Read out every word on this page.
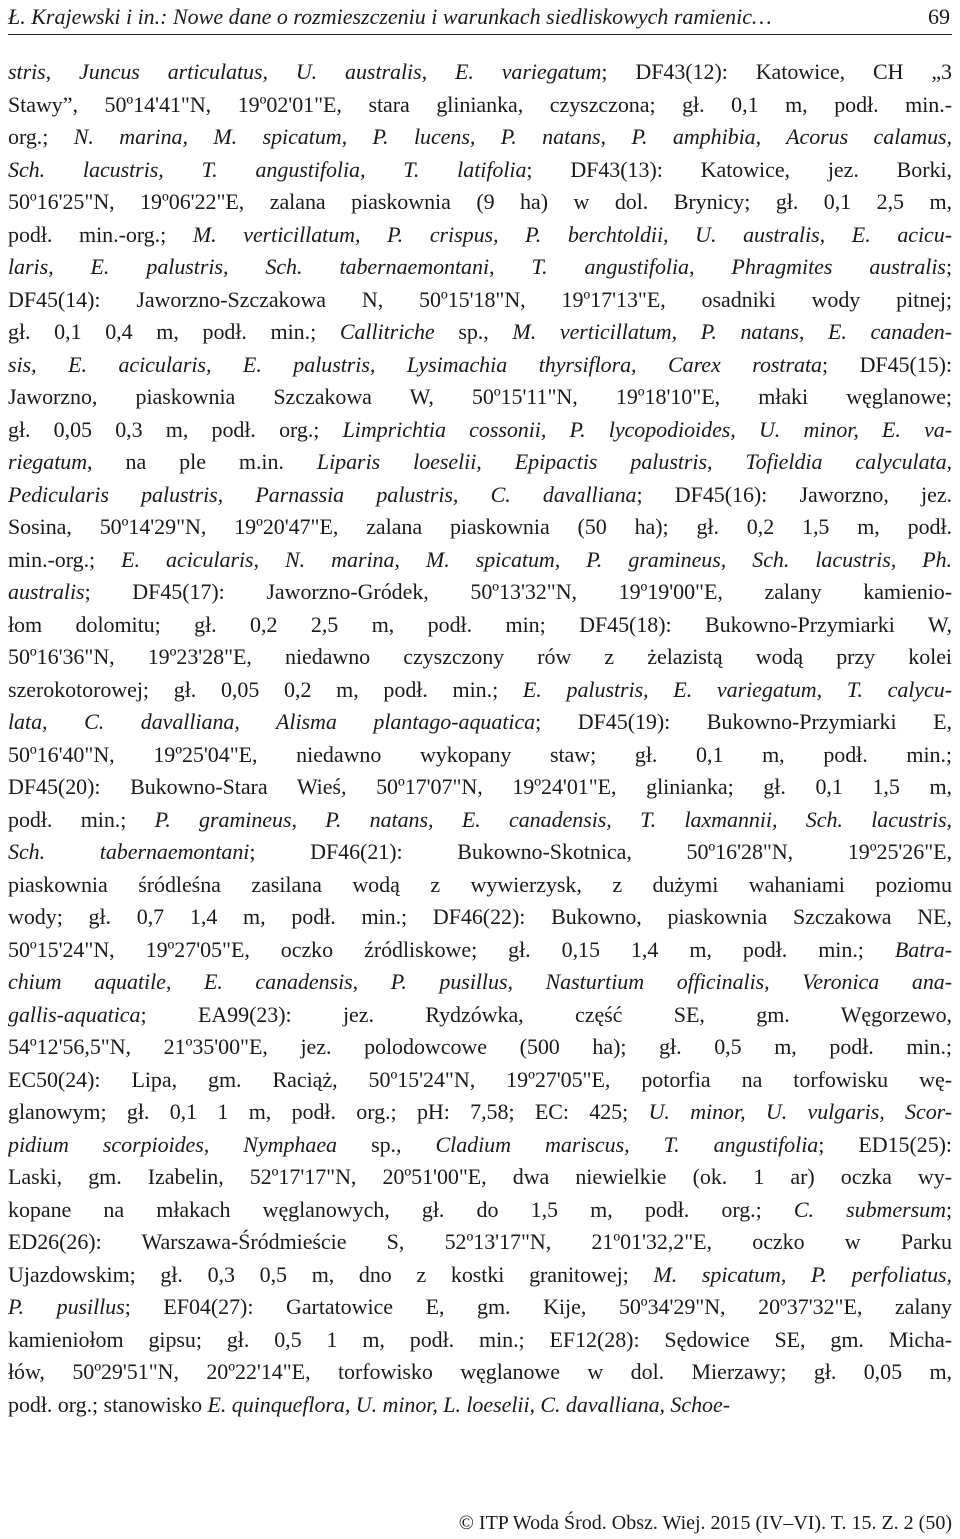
Ł. Krajewski i in.: Nowe dane o rozmieszczeniu i warunkach siedliskowych ramienic…	69
stris, Juncus articulatus, U. australis, E. variegatum; DF43(12): Katowice, CH „3
Stawy”, 50º14'41"N, 19º02'01"E, stara glinianka, czyszczona; gł. 0,1 m, podł. min.-
org.; N. marina, M. spicatum, P. lucens, P. natans, P. amphibia, Acorus calamus,
Sch. lacustris, T. angustifolia, T. latifolia; DF43(13): Katowice, jez. Borki,
50º16'25"N, 19º06'22"E, zalana piaskownia (9 ha) w dol. Brynicy; gł. 0,1 2,5 m,
podł. min.-org.; M. verticillatum, P. crispus, P. berchtoldii, U. australis, E. acicu-
laris, E. palustris, Sch. tabernaemontani, T. angustifolia, Phragmites australis;
DF45(14): Jaworzno-Szczakowa N, 50º15'18"N, 19º17'13"E, osadniki wody pitnej;
gł. 0,1 0,4 m, podł. min.; Callitriche sp., M. verticillatum, P. natans, E. canaden-
sis, E. acicularis, E. palustris, Lysimachia thyrsiflora, Carex rostrata; DF45(15):
Jaworzno, piaskownia Szczakowa W, 50º15'11"N, 19º18'10"E, młaki węglanowe;
gł. 0,05 0,3 m, podł. org.; Limprichtia cossonii, P. lycopodioides, U. minor, E. va-
riegatum, na ple m.in. Liparis loeselii, Epipactis palustris, Tofieldia calyculata,
Pedicularis palustris, Parnassia palustris, C. davalliana; DF45(16): Jaworzno, jez.
Sosina, 50º14'29"N, 19º20'47"E, zalana piaskownia (50 ha); gł. 0,2 1,5 m, podł.
min.-org.; E. acicularis, N. marina, M. spicatum, P. gramineus, Sch. lacustris, Ph.
australis; DF45(17): Jaworzno-Gródek, 50º13'32"N, 19º19'00"E, zalany kamienio-
łom dolomitu; gł. 0,2 2,5 m, podł. min; DF45(18): Bukowno-Przymiarki W,
50º16'36"N, 19º23'28"E, niedawno czyszczony rów z żelazistą wodą przy kolei
szerokotorowej; gł. 0,05 0,2 m, podł. min.; E. palustris, E. variegatum, T. calycu-
lata, C. davalliana, Alisma plantago-aquatica; DF45(19): Bukowno-Przymiarki E,
50º16'40"N, 19º25'04"E, niedawno wykopany staw; gł. 0,1 m, podł. min.;
DF45(20): Bukowno-Stara Wieś, 50º17'07"N, 19º24'01"E, glinianka; gł. 0,1 1,5 m,
podł. min.; P. gramineus, P. natans, E. canadensis, T. laxmannii, Sch. lacustris,
Sch. tabernaemontani; DF46(21): Bukowno-Skotnica, 50º16'28"N, 19º25'26"E,
piaskownia śródleśna zasilana wodą z wywierzysk, z dużymi wahaniami poziomu
wody; gł. 0,7 1,4 m, podł. min.; DF46(22): Bukowno, piaskownia Szczakowa NE,
50º15'24"N, 19º27'05"E, oczko źródliskowe; gł. 0,15 1,4 m, podł. min.; Batra-
chium aquatile, E. canadensis, P. pusillus, Nasturtium officinalis, Veronica ana-
gallis-aquatica; EA99(23): jez. Rydzówka, część SE, gm. Węgorzewo,
54º12'56,5"N, 21º35'00"E, jez. polodowcowe (500 ha); gł. 0,5 m, podł. min.;
EC50(24): Lipa, gm. Raciąż, 50º15'24"N, 19º27'05"E, potorfia na torfowisku wę-
glanowym; gł. 0,1 1 m, podł. org.; pH: 7,58; EC: 425; U. minor, U. vulgaris, Scor-
pidium scorpioides, Nymphaea sp., Cladium mariscus, T. angustifolia; ED15(25):
Laski, gm. Izabelin, 52º17'17"N, 20º51'00"E, dwa niewielkie (ok. 1 ar) oczka wy-
kopane na młakach węglanowych, gł. do 1,5 m, podł. org.; C. submersum;
ED26(26): Warszawa-Śródmieście S, 52º13'17"N, 21º01'32,2"E, oczko w Parku
Ujazdowskim; gł. 0,3 0,5 m, dno z kostki granitowej; M. spicatum, P. perfoliatus,
P. pusillus; EF04(27): Gartatowice E, gm. Kije, 50º34'29"N, 20º37'32"E, zalany
kamieniołom gipsu; gł. 0,5 1 m, podł. min.; EF12(28): Sędowice SE, gm. Micha-
łów, 50º29'51"N, 20º22'14"E, torfowisko węglanowe w dol. Mierzawy; gł. 0,05 m,
podł. org.; stanowisko E. quinqueflora, U. minor, L. loeselii, C. davalliana, Schoe-
© ITP Woda Środ. Obsz. Wiej. 2015 (IV–VI). T. 15. Z. 2 (50)
